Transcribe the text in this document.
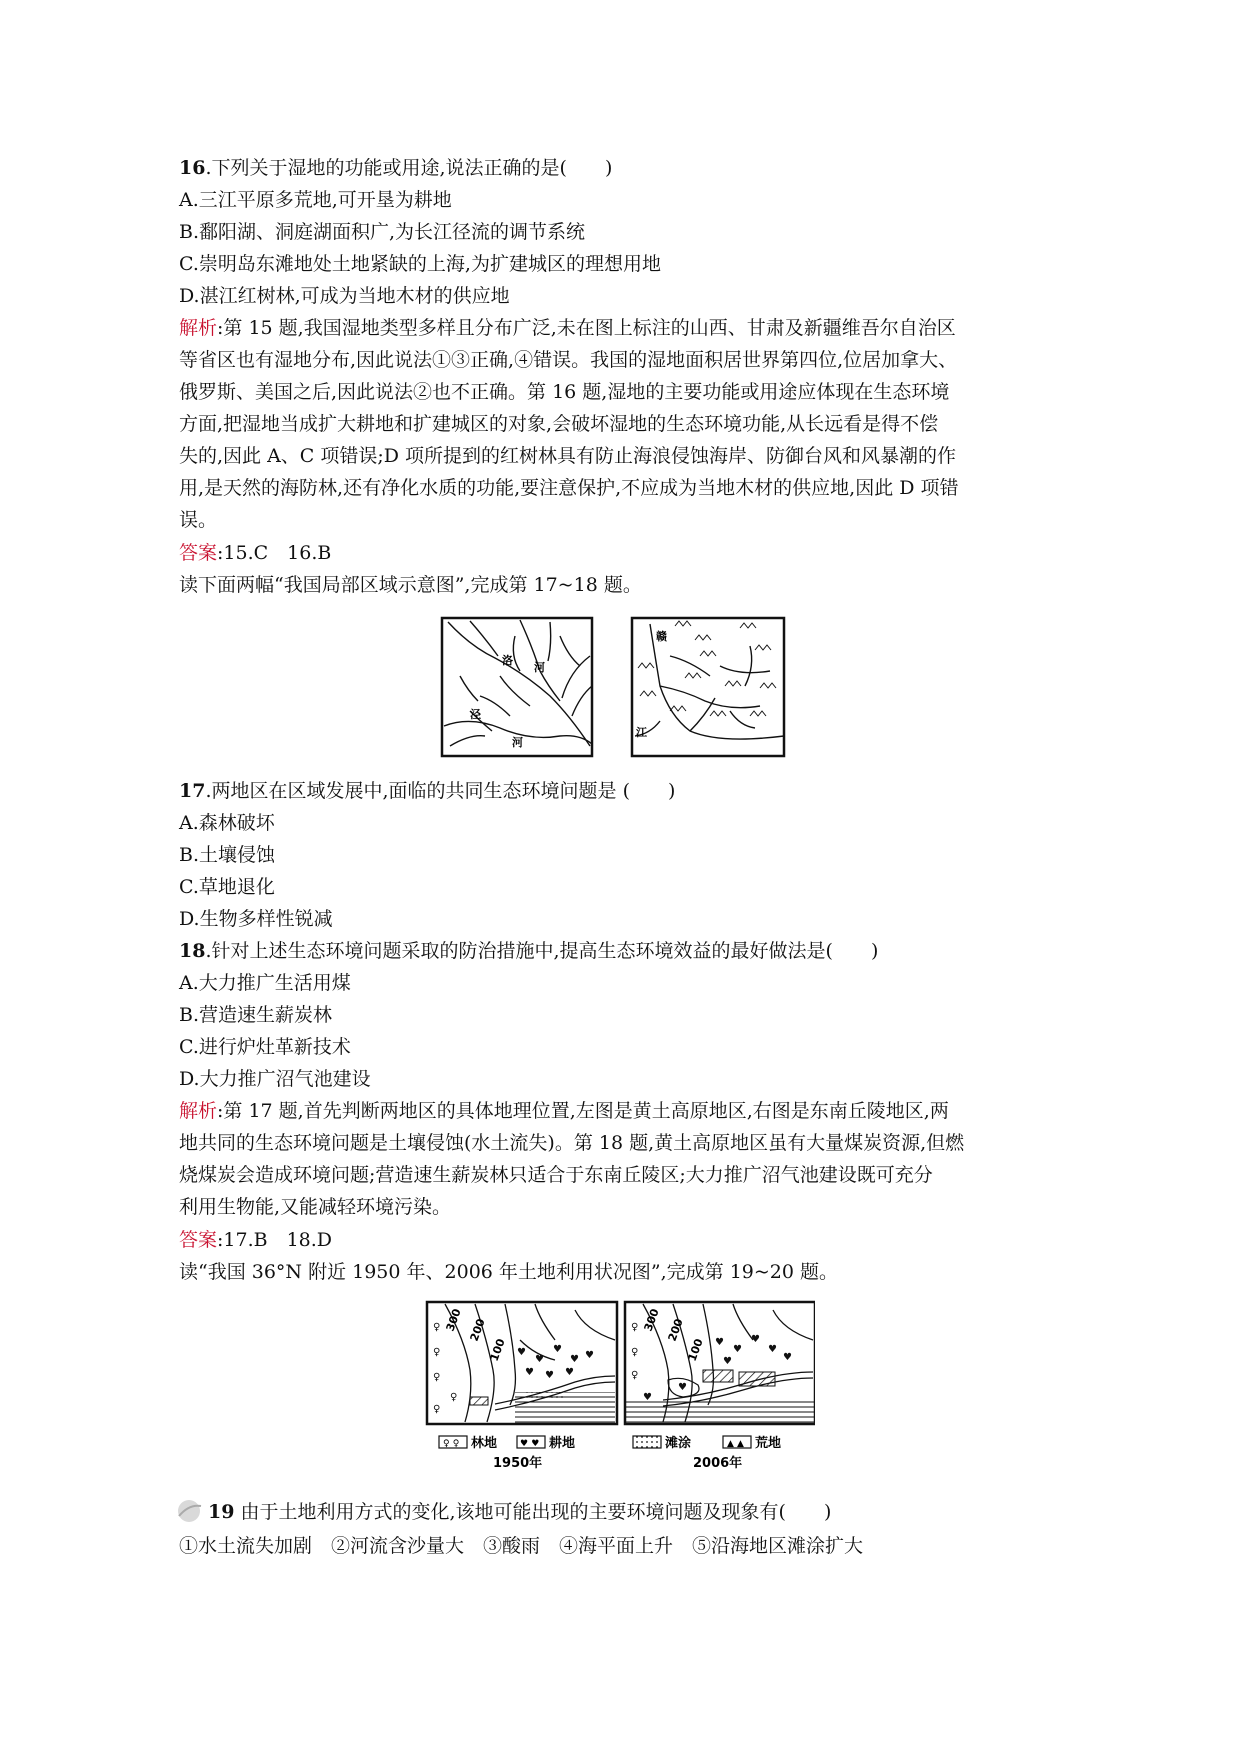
16.下列关于湿地的功能或用途,说法正确的是(　　)
A.三江平原多荒地,可开垦为耕地
B.鄱阳湖、洞庭湖面积广,为长江径流的调节系统
C.崇明岛东滩地处土地紧缺的上海,为扩建城区的理想用地
D.湛江红树林,可成为当地木材的供应地
解析:第 15 题,我国湿地类型多样且分布广泛,未在图上标注的山西、甘肃及新疆维吾尔自治区
等省区也有湿地分布,因此说法①③正确,④错误。我国的湿地面积居世界第四位,位居加拿大、
俄罗斯、美国之后,因此说法②也不正确。第 16 题,湿地的主要功能或用途应体现在生态环境
方面,把湿地当成扩大耕地和扩建城区的对象,会破坏湿地的生态环境功能,从长远看是得不偿
失的,因此 A、C 项错误;D 项所提到的红树林具有防止海浪侵蚀海岸、防御台风和风暴潮的作
用,是天然的海防林,还有净化水质的功能,要注意保护,不应成为当地木材的供应地,因此 D 项错
误。
答案:15.C　16.B
读下面两幅“我国局部区域示意图”,完成第 17~18 题。
洛
河
泾
河
赣
江
17.两地区在区域发展中,面临的共同生态环境问题是 (　　)
A.森林破坏
B.土壤侵蚀
C.草地退化
D.生物多样性锐减
18.针对上述生态环境问题采取的防治措施中,提高生态环境效益的最好做法是(　　)
A.大力推广生活用煤
B.营造速生薪炭林
C.进行炉灶革新技术
D.大力推广沼气池建设
解析:第 17 题,首先判断两地区的具体地理位置,左图是黄土高原地区,右图是东南丘陵地区,两
地共同的生态环境问题是土壤侵蚀(水土流失)。第 18 题,黄土高原地区虽有大量煤炭资源,但燃
烧煤炭会造成环境问题;营造速生薪炭林只适合于东南丘陵区;大力推广沼气池建设既可充分
利用生物能,又能减轻环境污染。
答案:17.B　18.D
读“我国 36°N 附近 1950 年、2006 年土地利用状况图”,完成第 19~20 题。
♥
♥
♥
♥
♥ ♥ ♥
♥
♀
♀
♀
♀
♀
300 200
100	♥
♥
♥
♥
♥	♥
♥
♥
♀
♀
♀
300 200
100
♀ ♀ 林地	♥ ♥ 耕地	滩涂	▲ ▲ 荒地
1950年	2006年
19 由于土地利用方式的变化,该地可能出现的主要环境问题及现象有(　　)
①水土流失加剧　②河流含沙量大　③酸雨　④海平面上升　⑤沿海地区滩涂扩大
